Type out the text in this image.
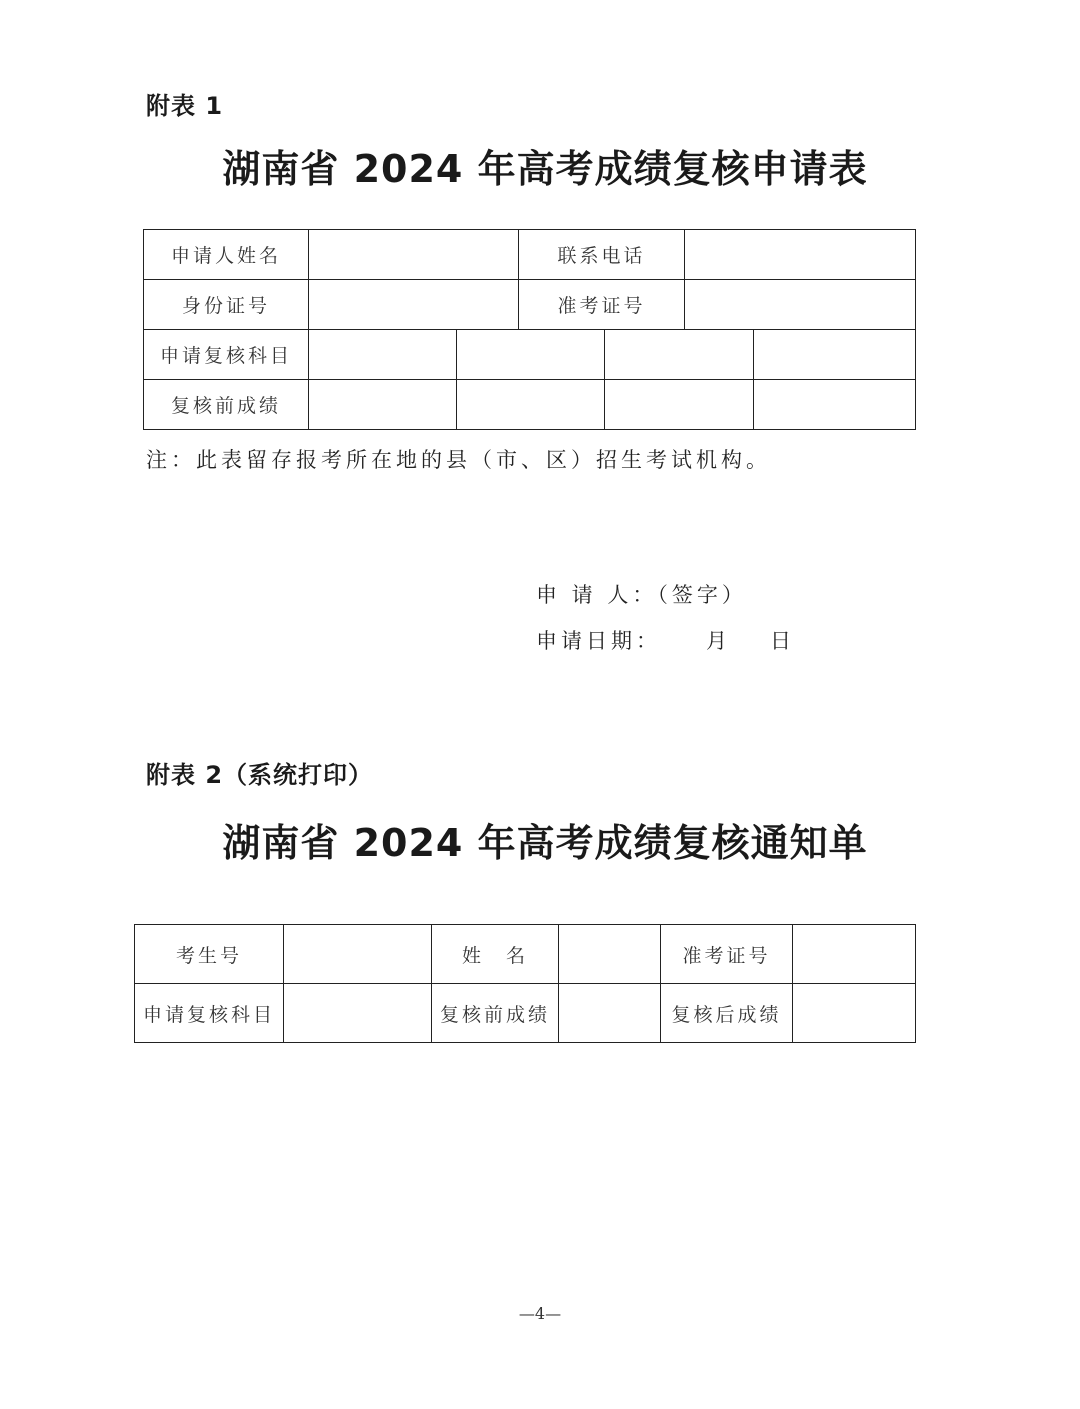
附表 1
湖南省 2024 年高考成绩复核申请表
申请人姓名			联系电话			
身份证号			准考证号			
申请复核科目						
复核前成绩						
注：此表留存报考所在地的县（市、区）招生考试机构。
申 请 人：（签字）
申请日期： 月 日
附表 2（系统打印）
湖南省 2024 年高考成绩复核通知单
考生号		姓　名		准考证号	
申请复核科目		复核前成绩		复核后成绩	
—4—
